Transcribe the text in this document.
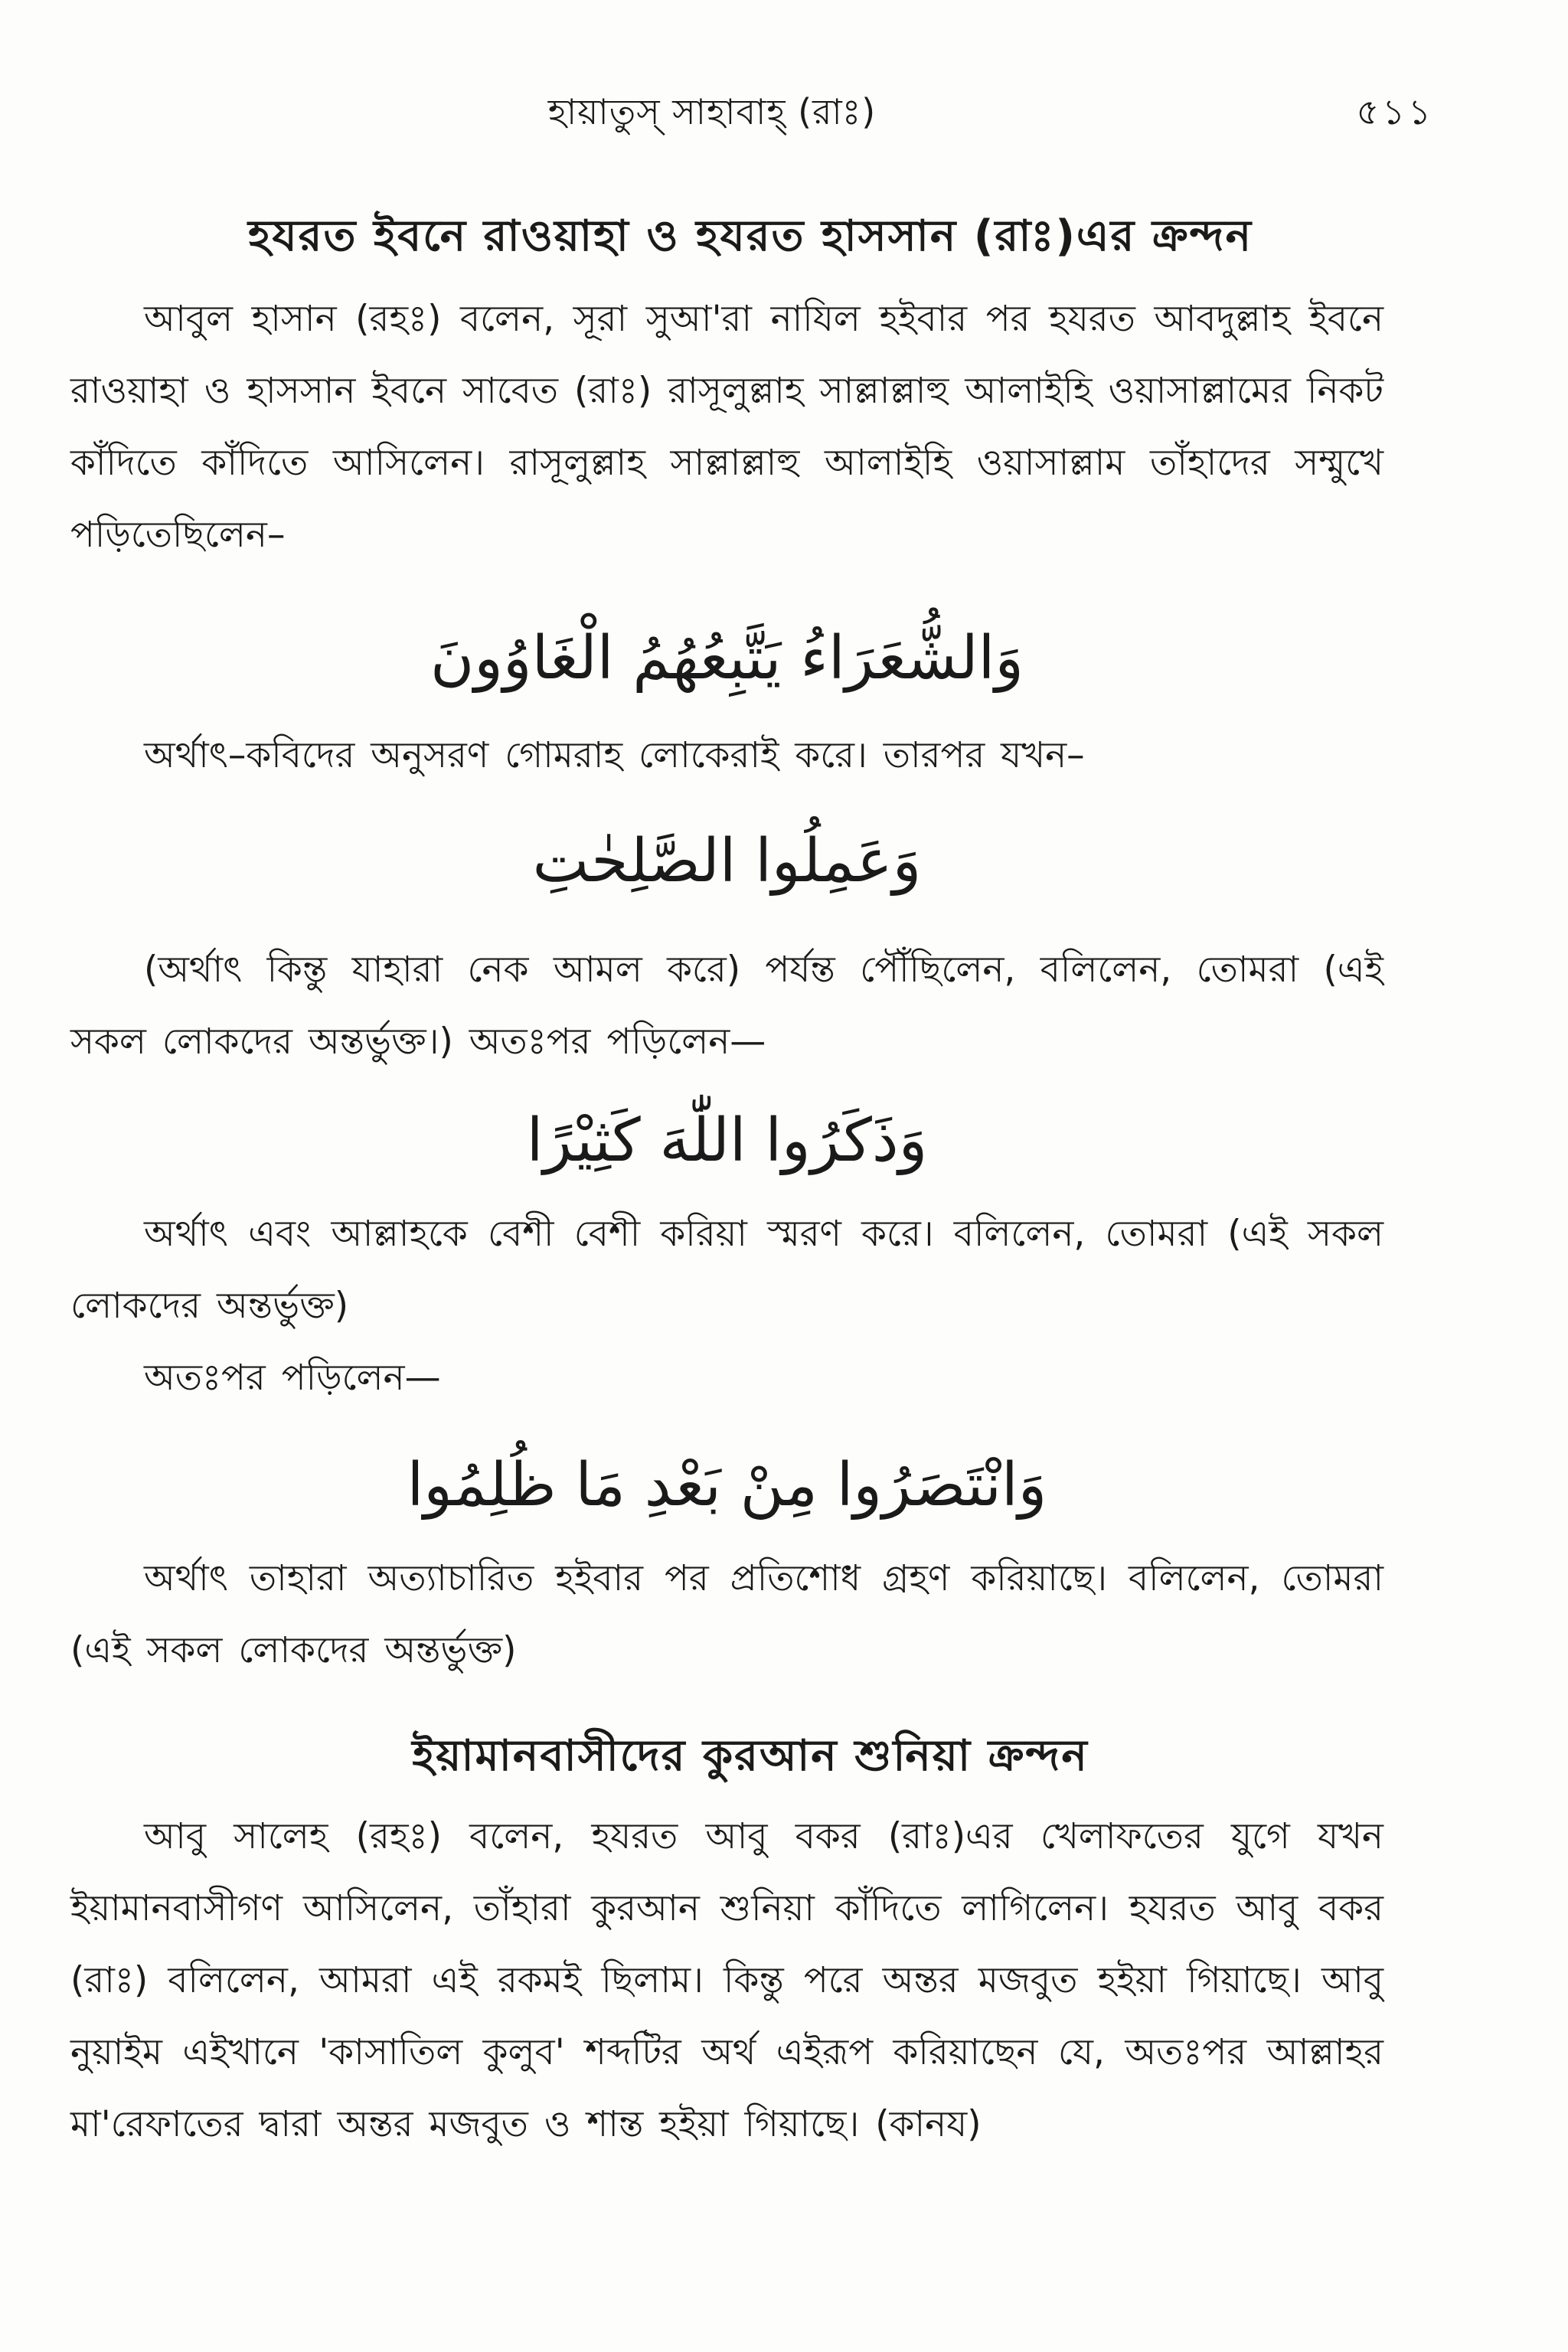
হায়াতুস্ সাহাবাহ্ (রাঃ)	৫১১
হযরত ইবনে রাওয়াহা ও হযরত হাসসান (রাঃ)এর ক্রন্দন
আবুল হাসান (রহঃ) বলেন, সূরা সুআ'রা নাযিল হইবার পর হযরত আবদুল্লাহ ইবনে রাওয়াহা ও হাসসান ইবনে সাবেত (রাঃ) রাসূলুল্লাহ সাল্লাল্লাহু আলাইহি ওয়াসাল্লামের নিকট কাঁদিতে কাঁদিতে আসিলেন। রাসূলুল্লাহ সাল্লাল্লাহু আলাইহি ওয়াসাল্লাম তাঁহাদের সম্মুখে পড়িতেছিলেন–
وَالشُّعَرَاءُ يَتَّبِعُهُمُ الْغَاوُونَ
অর্থাৎ–কবিদের অনুসরণ গোমরাহ লোকেরাই করে। তারপর যখন–
وَعَمِلُوا الصَّلِحٰتِ
(অর্থাৎ কিন্তু যাহারা নেক আমল করে) পর্যন্ত পৌঁছিলেন, বলিলেন, তোমরা (এই সকল লোকদের অন্তর্ভুক্ত।) অতঃপর পড়িলেন—
وَذَكَرُوا اللّٰهَ كَثِيْرًا
অর্থাৎ এবং আল্লাহকে বেশী বেশী করিয়া স্মরণ করে। বলিলেন, তোমরা (এই সকল লোকদের অন্তর্ভুক্ত)
অতঃপর পড়িলেন—
وَانْتَصَرُوا مِنْ بَعْدِ مَا ظُلِمُوا
অর্থাৎ তাহারা অত্যাচারিত হইবার পর প্রতিশোধ গ্রহণ করিয়াছে। বলিলেন, তোমরা (এই সকল লোকদের অন্তর্ভুক্ত)
ইয়ামানবাসীদের কুরআন শুনিয়া ক্রন্দন
আবু সালেহ (রহঃ) বলেন, হযরত আবু বকর (রাঃ)এর খেলাফতের যুগে যখন ইয়ামানবাসীগণ আসিলেন, তাঁহারা কুরআন শুনিয়া কাঁদিতে লাগিলেন। হযরত আবু বকর (রাঃ) বলিলেন, আমরা এই রকমই ছিলাম। কিন্তু পরে অন্তর মজবুত হইয়া গিয়াছে। আবু নুয়াইম এইখানে 'কাসাতিল কুলুব' শব্দটির অর্থ এইরূপ করিয়াছেন যে, অতঃপর আল্লাহর মা'রেফাতের দ্বারা অন্তর মজবুত ও শান্ত হইয়া গিয়াছে। (কানয)
